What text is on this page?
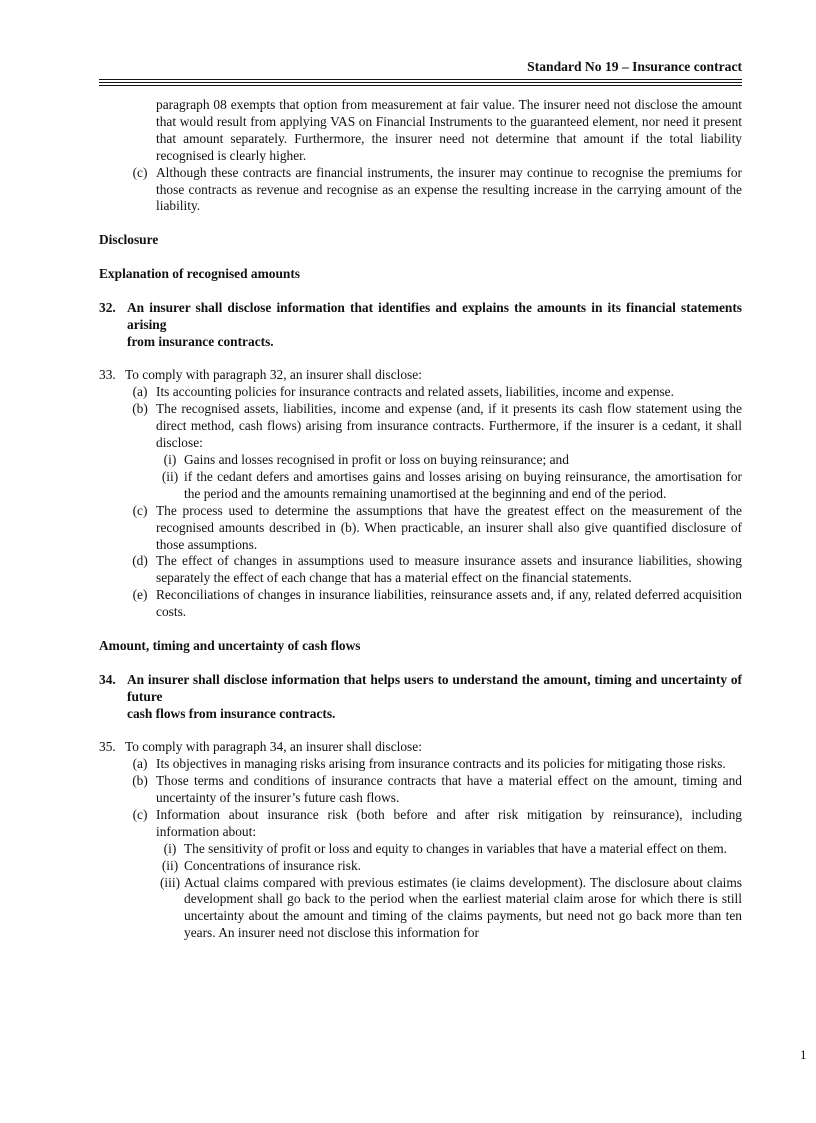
Standard No 19 – Insurance contract
paragraph 08 exempts that option from measurement at fair value. The insurer need not disclose the amount that would result from applying VAS on Financial Instruments to the guaranteed element, nor need it present that amount separately. Furthermore, the insurer need not determine that amount if the total liability recognised is clearly higher.
(c) Although these contracts are financial instruments, the insurer may continue to recognise the premiums for those contracts as revenue and recognise as an expense the resulting increase in the carrying amount of the liability.
Disclosure
Explanation of recognised amounts
32. An insurer shall disclose information that identifies and explains the amounts in its financial statements arising
from insurance contracts.
33. To comply with paragraph 32, an insurer shall disclose:
(a) Its accounting policies for insurance contracts and related assets, liabilities, income and expense.
(b) The recognised assets, liabilities, income and expense (and, if it presents its cash flow statement using the direct method, cash flows) arising from insurance contracts. Furthermore, if the insurer is a cedant, it shall disclose:
(i) Gains and losses recognised in profit or loss on buying reinsurance; and
(ii) if the cedant defers and amortises gains and losses arising on buying reinsurance, the amortisation for the period and the amounts remaining unamortised at the beginning and end of the period.
(c) The process used to determine the assumptions that have the greatest effect on the measurement of the recognised amounts described in (b). When practicable, an insurer shall also give quantified disclosure of those assumptions.
(d) The effect of changes in assumptions used to measure insurance assets and insurance liabilities, showing separately the effect of each change that has a material effect on the financial statements.
(e) Reconciliations of changes in insurance liabilities, reinsurance assets and, if any, related deferred acquisition costs.
Amount, timing and uncertainty of cash flows
34. An insurer shall disclose information that helps users to understand the amount, timing and uncertainty of future
cash flows from insurance contracts.
35. To comply with paragraph 34, an insurer shall disclose:
(a) Its objectives in managing risks arising from insurance contracts and its policies for mitigating those risks.
(b) Those terms and conditions of insurance contracts that have a material effect on the amount, timing and uncertainty of the insurer’s future cash flows.
(c) Information about insurance risk (both before and after risk mitigation by reinsurance), including information about:
(i) The sensitivity of profit or loss and equity to changes in variables that have a material effect on them.
(ii) Concentrations of insurance risk.
(iii) Actual claims compared with previous estimates (ie claims development). The disclosure about claims development shall go back to the period when the earliest material claim arose for which there is still uncertainty about the amount and timing of the claims payments, but need not go back more than ten years. An insurer need not disclose this information for
1
